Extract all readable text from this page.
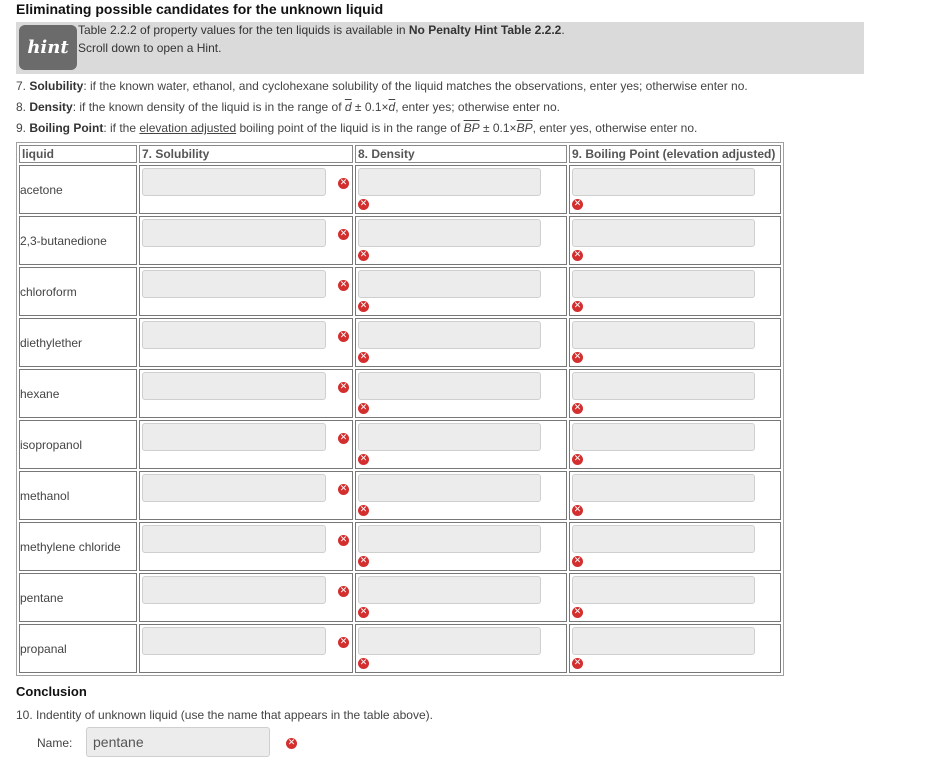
Eliminating possible candidates for the unknown liquid
hint
Table 2.2.2 of property values for the ten liquids is available in No Penalty Hint Table 2.2.2.
Scroll down to open a Hint.
7. Solubility: if the known water, ethanol, and cyclohexane solubility of the liquid matches the observations, enter yes; otherwise enter no.
8. Density: if the known density of the liquid is in the range of $\overline{d} \pm 0.1\times\overline{d}$, enter yes; otherwise enter no.
9. Boiling Point: if the elevation adjusted boiling point of the liquid is in the range of $\overline{BP} \pm 0.1\times\overline{BP}$, enter yes, otherwise enter no.
liquid	7. Solubility	8. Density	9. Boiling Point (elevation adjusted)
acetone	✕	✕	✕

2,3-butanedione	✕	✕	✕

chloroform	✕	✕	✕

diethylether	✕	✕	✕

hexane	✕	✕	✕

isopropanol	✕	✕	✕

methanol	✕	✕	✕

methylene chloride	✕	✕	✕

pentane	✕	✕	✕

propanal	✕	✕	✕
Conclusion
10. Indentity of unknown liquid (use the name that appears in the table above).
Name:
pentane	✕
